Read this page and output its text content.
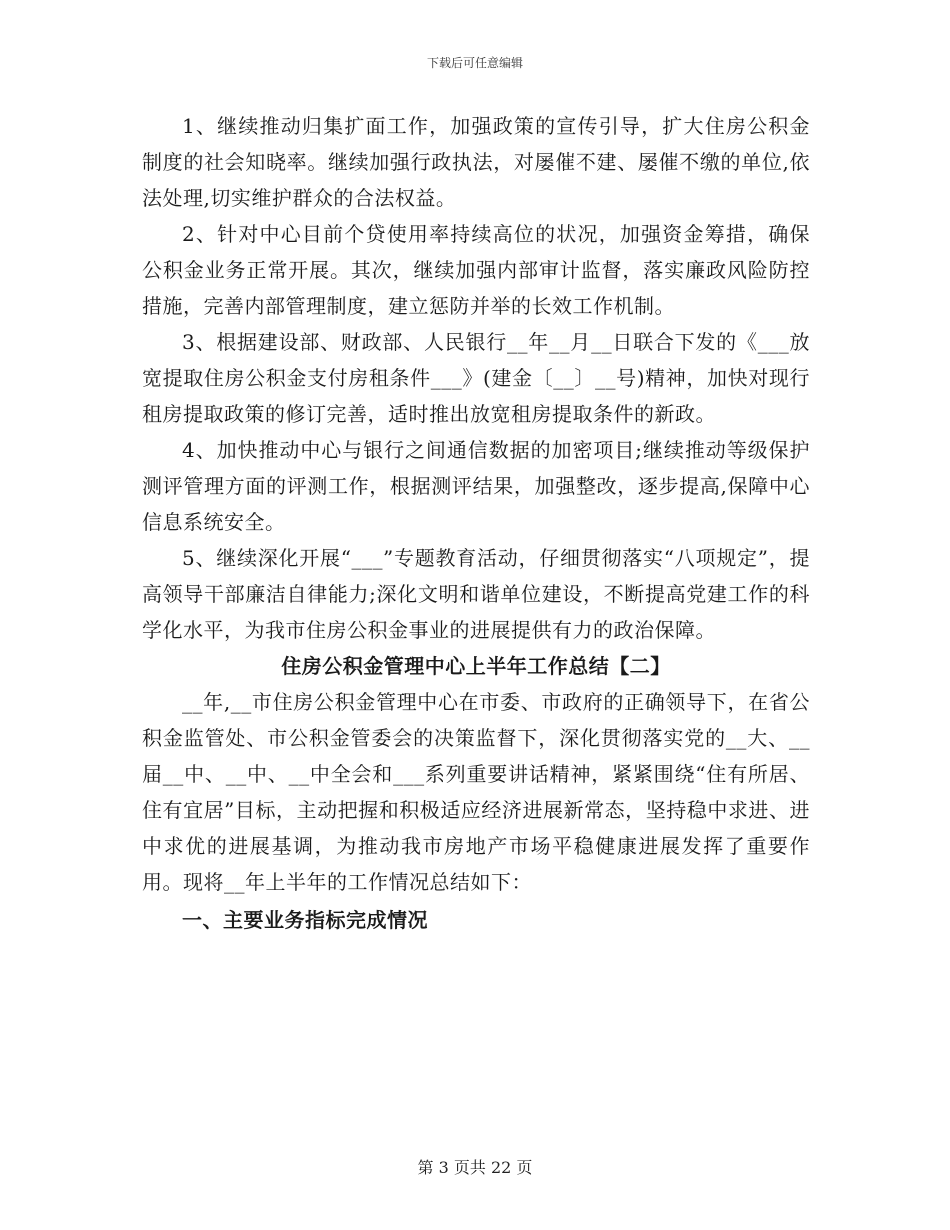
下载后可任意编辑

1、继续推动归集扩面工作，加强政策的宣传引导，扩大住房公积金制度的社会知晓率。继续加强行政执法，对屡催不建、屡催不缴的单位,依法处理,切实维护群众的合法权益。

2、针对中心目前个贷使用率持续高位的状况，加强资金筹措，确保公积金业务正常开展。其次，继续加强内部审计监督，落实廉政风险防控措施，完善内部管理制度，建立惩防并举的长效工作机制。

3、根据建设部、财政部、人民银行__年__月__日联合下发的《___放宽提取住房公积金支付房租条件___》(建金〔__〕__号)精神，加快对现行租房提取政策的修订完善，适时推出放宽租房提取条件的新政。

4、加快推动中心与银行之间通信数据的加密项目;继续推动等级保护测评管理方面的评测工作，根据测评结果，加强整改，逐步提高,保障中心信息系统安全。

5、继续深化开展“___”专题教育活动，仔细贯彻落实“八项规定”，提高领导干部廉洁自律能力;深化文明和谐单位建设，不断提高党建工作的科学化水平，为我市住房公积金事业的进展提供有力的政治保障。

住房公积金管理中心上半年工作总结【二】

__年,__市住房公积金管理中心在市委、市政府的正确领导下，在省公积金监管处、市公积金管委会的决策监督下，深化贯彻落实党的__大、__届__中、__中、__中全会和___系列重要讲话精神，紧紧围绕“住有所居、住有宜居”目标，主动把握和积极适应经济进展新常态，坚持稳中求进、进中求优的进展基调，为推动我市房地产市场平稳健康进展发挥了重要作用。现将__年上半年的工作情况总结如下：

一、主要业务指标完成情况

第 3 页共 22 页
